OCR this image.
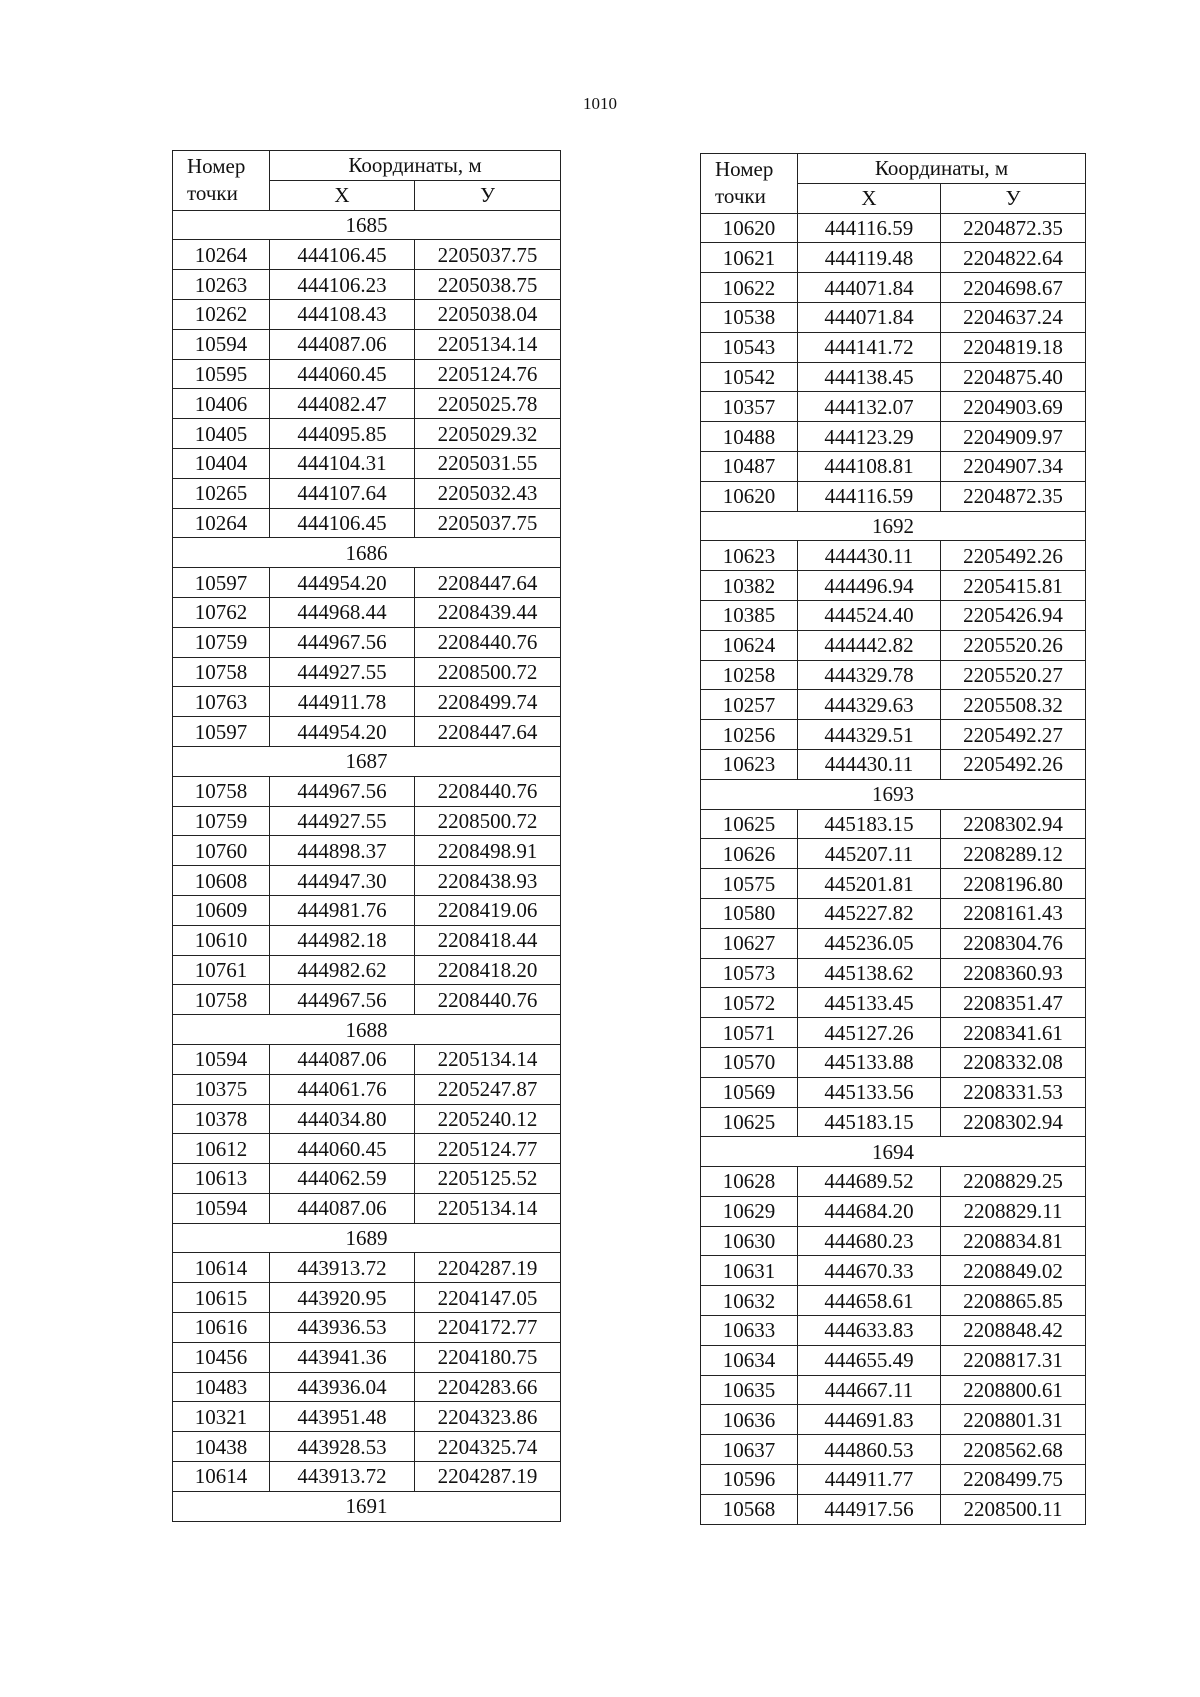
1010
Номер
точки	Координаты, м	
	X	У
1685		
10264	444106.45	2205037.75
10263	444106.23	2205038.75
10262	444108.43	2205038.04
10594	444087.06	2205134.14
10595	444060.45	2205124.76
10406	444082.47	2205025.78
10405	444095.85	2205029.32
10404	444104.31	2205031.55
10265	444107.64	2205032.43
10264	444106.45	2205037.75
1686		
10597	444954.20	2208447.64
10762	444968.44	2208439.44
10759	444967.56	2208440.76
10758	444927.55	2208500.72
10763	444911.78	2208499.74
10597	444954.20	2208447.64
1687		
10758	444967.56	2208440.76
10759	444927.55	2208500.72
10760	444898.37	2208498.91
10608	444947.30	2208438.93
10609	444981.76	2208419.06
10610	444982.18	2208418.44
10761	444982.62	2208418.20
10758	444967.56	2208440.76
1688		
10594	444087.06	2205134.14
10375	444061.76	2205247.87
10378	444034.80	2205240.12
10612	444060.45	2205124.77
10613	444062.59	2205125.52
10594	444087.06	2205134.14
1689		
10614	443913.72	2204287.19
10615	443920.95	2204147.05
10616	443936.53	2204172.77
10456	443941.36	2204180.75
10483	443936.04	2204283.66
10321	443951.48	2204323.86
10438	443928.53	2204325.74
10614	443913.72	2204287.19
1691		
Номер
точки	Координаты, м	
	X	У
10620	444116.59	2204872.35
10621	444119.48	2204822.64
10622	444071.84	2204698.67
10538	444071.84	2204637.24
10543	444141.72	2204819.18
10542	444138.45	2204875.40
10357	444132.07	2204903.69
10488	444123.29	2204909.97
10487	444108.81	2204907.34
10620	444116.59	2204872.35
1692		
10623	444430.11	2205492.26
10382	444496.94	2205415.81
10385	444524.40	2205426.94
10624	444442.82	2205520.26
10258	444329.78	2205520.27
10257	444329.63	2205508.32
10256	444329.51	2205492.27
10623	444430.11	2205492.26
1693		
10625	445183.15	2208302.94
10626	445207.11	2208289.12
10575	445201.81	2208196.80
10580	445227.82	2208161.43
10627	445236.05	2208304.76
10573	445138.62	2208360.93
10572	445133.45	2208351.47
10571	445127.26	2208341.61
10570	445133.88	2208332.08
10569	445133.56	2208331.53
10625	445183.15	2208302.94
1694		
10628	444689.52	2208829.25
10629	444684.20	2208829.11
10630	444680.23	2208834.81
10631	444670.33	2208849.02
10632	444658.61	2208865.85
10633	444633.83	2208848.42
10634	444655.49	2208817.31
10635	444667.11	2208800.61
10636	444691.83	2208801.31
10637	444860.53	2208562.68
10596	444911.77	2208499.75
10568	444917.56	2208500.11
